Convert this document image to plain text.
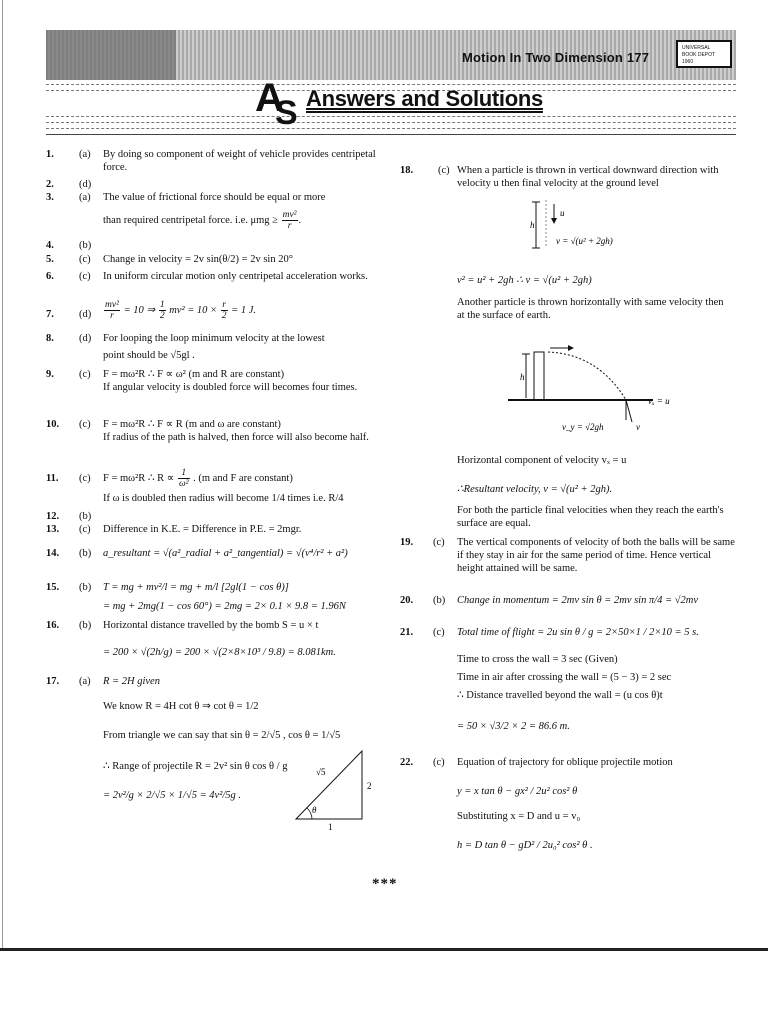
Motion In Two Dimension 177
UNIVERSAL
BOOK DEPOT 1960
A
S Answers and Solutions
1. (a) By doing so component of weight of vehicle provides centripetal force.
2. (d)
3. (a) The value of frictional force should be equal or more
than required centripetal force. i.e. $\mu mg \ge \frac{\text{mv²}}{r}$ .
4. (b)
5. (c) Change in velocity = 2v sin(θ/2) = 2v sin 20°
6. (c) In uniform circular motion only centripetal acceleration works.
7. $(d) \frac{\text{mv²}}{r} = 10$ ⇒ $\frac{1}{2} mv^2 = 10 \times \frac{r}{2} = 1$ J.
8. (d) For looping the loop minimum velocity at the lowest
point should be √5gl .
9. (c) F = mω²R ∴ F ∝ ω² (m and R are constant)
If angular velocity is doubled force will becomes four times.
10. (c) F = mω²R ∴ F ∝ R (m and ω are constant)
If radius of the path is halved, then force will also become half.
11. (c) F = mω²R ∴ $R \propto \frac{1}{\text{ω²}}$ . (m and F are constant)
If ω is doubled then radius will become 1/4 times i.e. R/4
12. (b)
13. (c) Difference in K.E. = Difference in P.E. = 2mgr.
14. (b) a_resultant = √(a²_radial + a²_tangential) = √(v⁴/r² + a²)
15. (b) T = mg + mv²/l = mg + m/l [2gl(1 − cos θ)]
= mg + 2mg(1 − cos 60°) = 2mg = 2× 0.1 × 9.8 = 1.96N
16. (b) Horizontal distance travelled by the bomb S = u × t
= 200 × √(2h/g) = 200 × √(2×8×10³ / 9.8) = 8.081km.
17. (a) R = 2H given
We know R = 4H cot θ ⇒ cot θ = 1/2
From triangle we can say that sin θ = 2/√5 , cos θ = 1/√5
∴ Range of projectile R = 2v² sin θ cos θ / g
= 2v²/g × 2/√5 × 1/√5 = 4v²/5g .
θ
√5
2
1
18. (c) When a particle is thrown in vertical downward direction with velocity u then final velocity at the ground level
h
u
v = √(u² + 2gh)
v² = u² + 2gh ∴ v = √(u² + 2gh)
Another particle is thrown horizontally with same velocity then at the surface of earth.
h
vₓ = u
v_y = √2gh	v
Horizontal component of velocity vₓ = u
∴Resultant velocity, v = √(u² + 2gh).
For both the particle final velocities when they reach the earth's surface are equal.
19. (c) The vertical components of velocity of both the balls will be same if they stay in air for the same period of time. Hence vertical height attained will be same.
20. (b) Change in momentum = 2mv sin θ = 2mv sin π/4 = √2mv
21. (c) Total time of flight = 2u sin θ / g = 2×50×1 / 2×10 = 5 s.
Time to cross the wall = 3 sec (Given)
Time in air after crossing the wall = (5 − 3) = 2 sec
∴ Distance travelled beyond the wall = (u cos θ)t
= 50 × √3/2 × 2 = 86.6 m.
22. (c) Equation of trajectory for oblique projectile motion
y = x tan θ − gx² / 2u² cos² θ
Substituting x = D and u = v₀
h = D tan θ − gD² / 2u₀² cos² θ .
***
